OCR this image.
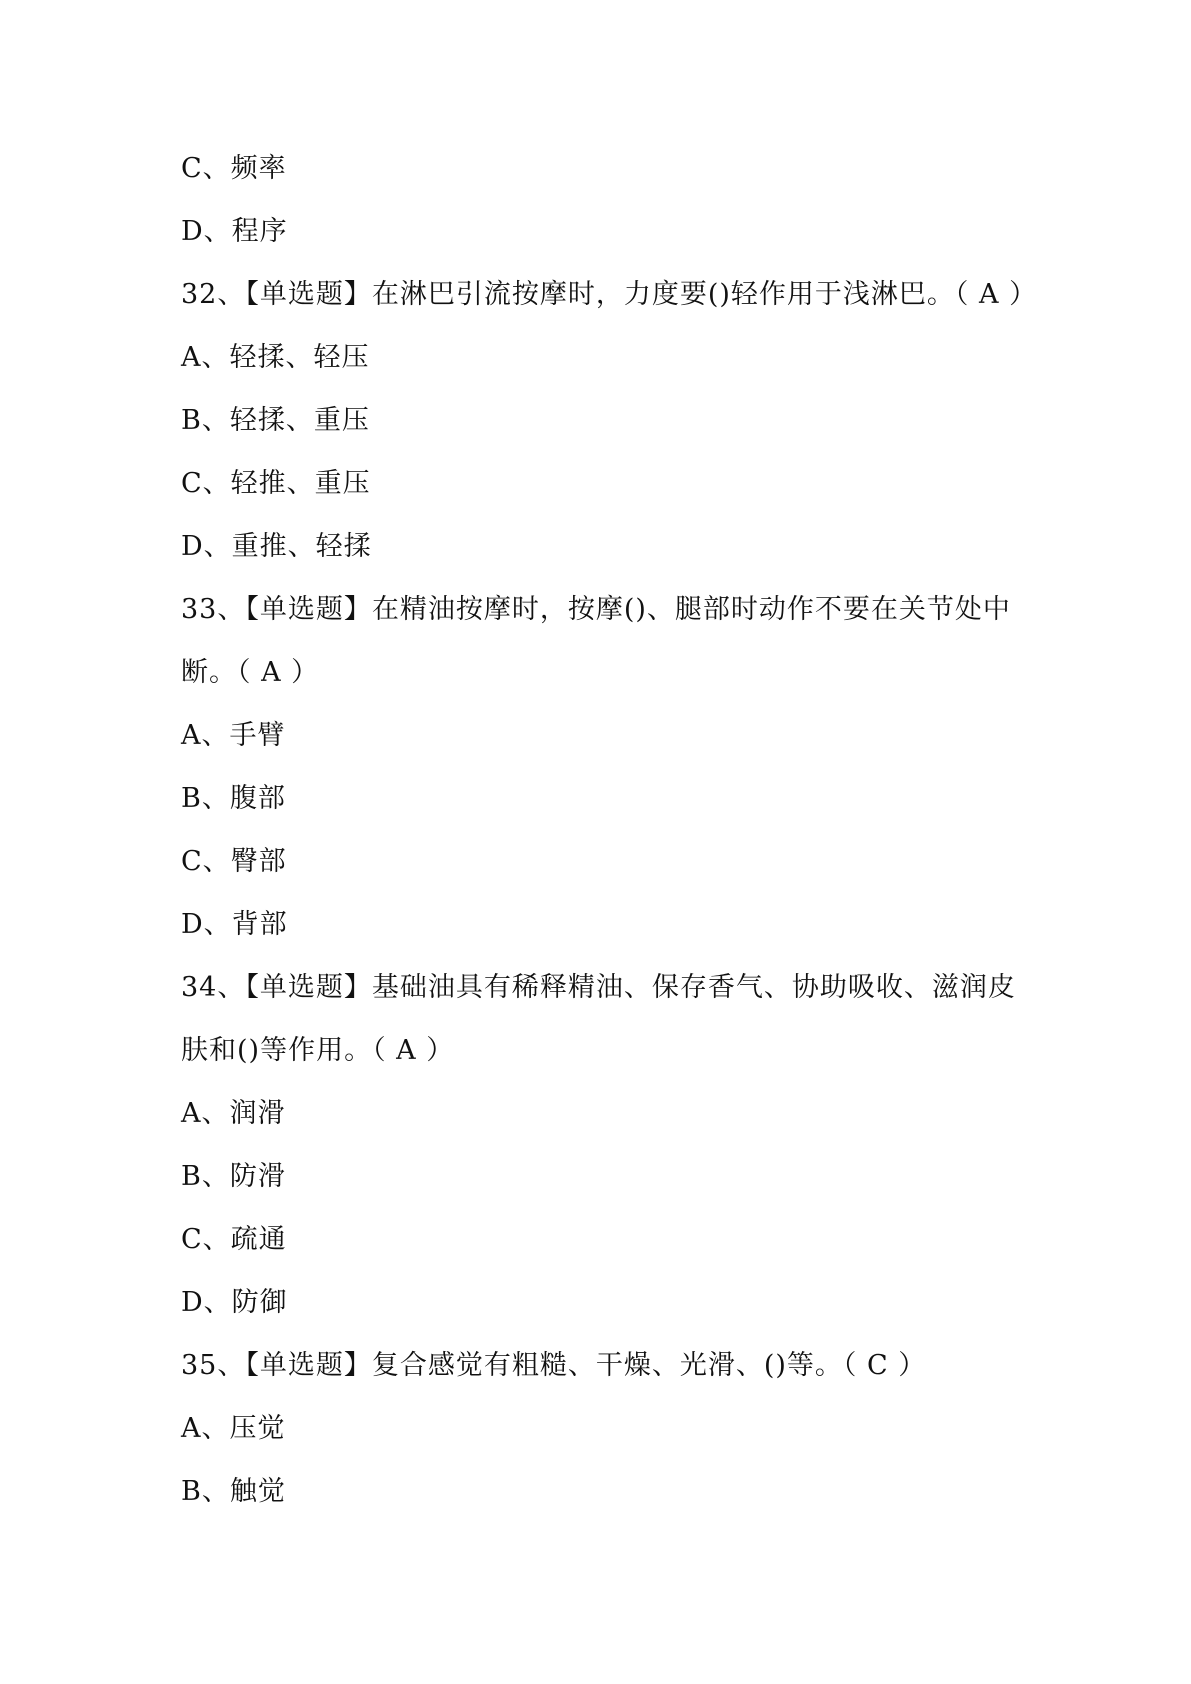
C、频率
D、程序
32、【单选题】在淋巴引流按摩时，力度要()轻作用于浅淋巴。（ A ）
A、轻揉、轻压
B、轻揉、重压
C、轻推、重压
D、重推、轻揉
33、【单选题】在精油按摩时，按摩()、腿部时动作不要在关节处中
断。（ A ）
A、手臂
B、腹部
C、臀部
D、背部
34、【单选题】基础油具有稀释精油、保存香气、协助吸收、滋润皮
肤和()等作用。（ A ）
A、润滑
B、防滑
C、疏通
D、防御
35、【单选题】复合感觉有粗糙、干燥、光滑、()等。（ C ）
A、压觉
B、触觉
